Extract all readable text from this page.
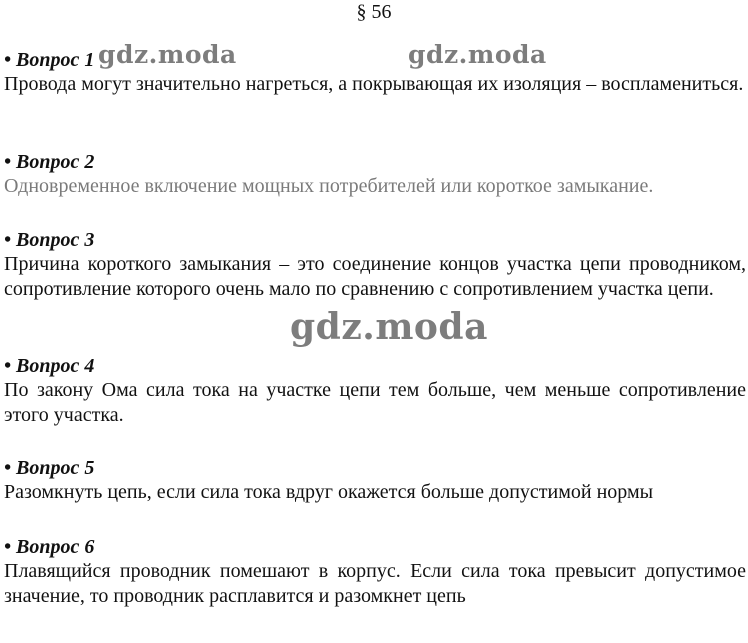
§ 56

• Вопрос 1

Провода могут значительно нагреться, а покрывающая их изоляция – воспламениться.

• Вопрос 2

Одновременное включение мощных потребителей или короткое замыкание.

• Вопрос 3

Причина короткого замыкания – это соединение концов участка цепи проводником, сопротивление которого очень мало по сравнению с сопротивлением участка цепи.

• Вопрос 4

По закону Ома сила тока на участке цепи тем больше, чем меньше сопротивление этого участка.

• Вопрос 5

Разомкнуть цепь, если сила тока вдруг окажется больше допустимой нормы

• Вопрос 6

Плавящийся проводник помешают в корпус. Если сила тока превысит допустимое значение, то проводник расплавится и разомкнет цепь

gdz.moda	gdz.moda
gdz.moda
